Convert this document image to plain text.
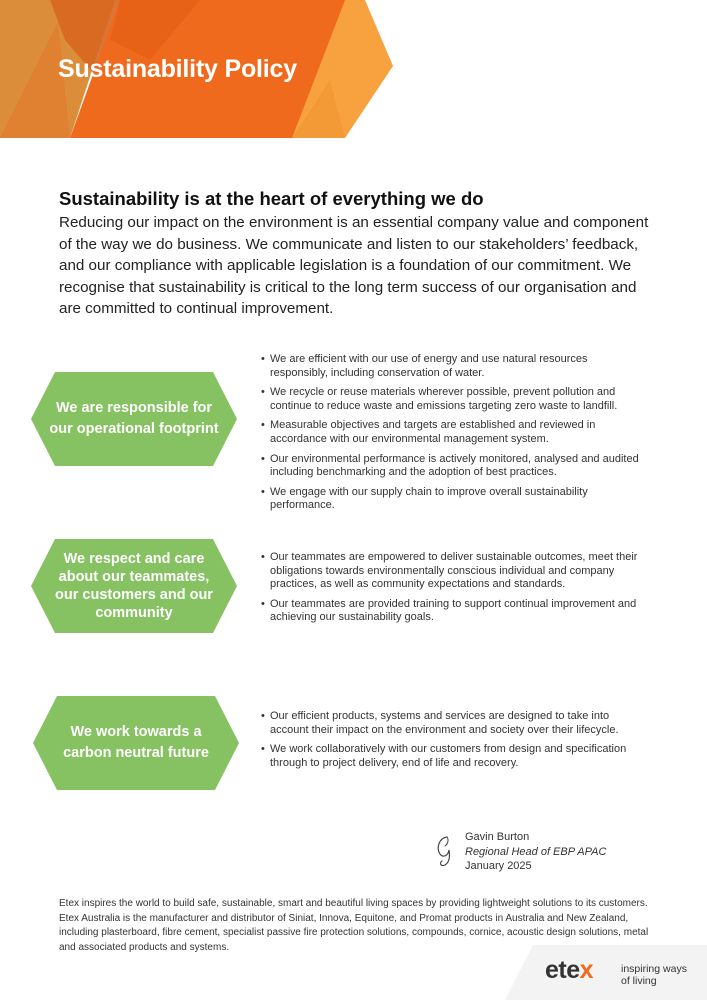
Sustainability Policy
Sustainability is at the heart of everything we do

Reducing our impact on the environment is an essential company value and component of the way we do business. We communicate and listen to our stakeholders’ feedback, and our compliance with applicable legislation is a foundation of our commitment. We recognise that sustainability is critical to the long term success of our organisation and are committed to continual improvement.

We are responsible for our operational footprint
• We are efficient with our use of energy and use natural resources responsibly, including conservation of water.
• We recycle or reuse materials wherever possible, prevent pollution and continue to reduce waste and emissions targeting zero waste to landfill.
• Measurable objectives and targets are established and reviewed in accordance with our environmental management system.
• Our environmental performance is actively monitored, analysed and audited including benchmarking and the adoption of best practices.
• We engage with our supply chain to improve overall sustainability performance.
We respect and care about our teammates, our customers and our community
• Our teammates are empowered to deliver sustainable outcomes, meet their obligations towards environmentally conscious individual and company practices, as well as community expectations and standards.
• Our teammates are provided training to support continual improvement and achieving our sustainability goals.
We work towards a carbon neutral future
• Our efficient products, systems and services are designed to take into account their impact on the environment and society over their lifecycle.
• We work collaboratively with our customers from design and specification through to project delivery, end of life and recovery.
Gavin Burton
Regional Head of EBP APAC
January 2025

Etex inspires the world to build safe, sustainable, smart and beautiful living spaces by providing lightweight solutions to its customers. Etex Australia is the manufacturer and distributor of Siniat, Innova, Equitone, and Promat products in Australia and New Zealand, including plasterboard, fibre cement, specialist passive fire protection solutions, compounds, cornice, acoustic design solutions, metal and associated products and systems.

etex	inspiring ways
of living
